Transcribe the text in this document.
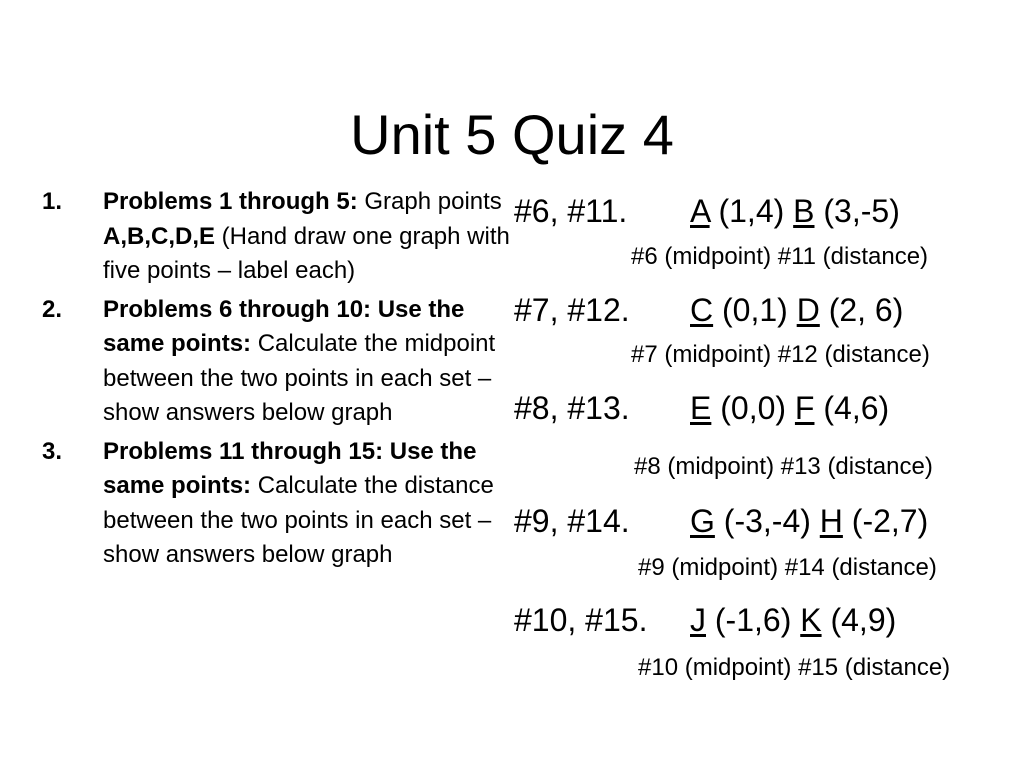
Unit 5 Quiz 4
1. Problems 1 through 5: Graph points A,B,C,D,E (Hand draw one graph with five points – label each)
2. Problems 6 through 10: Use the same points: Calculate the midpoint between the two points in each set – show answers below graph
3. Problems 11 through 15: Use the same points: Calculate the distance between the two points in each set – show answers below graph
#6, #11. A (1,4) B (3,-5)
#6 (midpoint) #11 (distance)
#7, #12. C (0,1) D (2, 6)
#7 (midpoint) #12 (distance)
#8, #13. E (0,0) F (4,6)
#8 (midpoint) #13 (distance)
#9, #14. G (-3,-4) H (-2,7)
#9 (midpoint) #14 (distance)
#10, #15. J (-1,6) K (4,9)
#10 (midpoint) #15 (distance)
